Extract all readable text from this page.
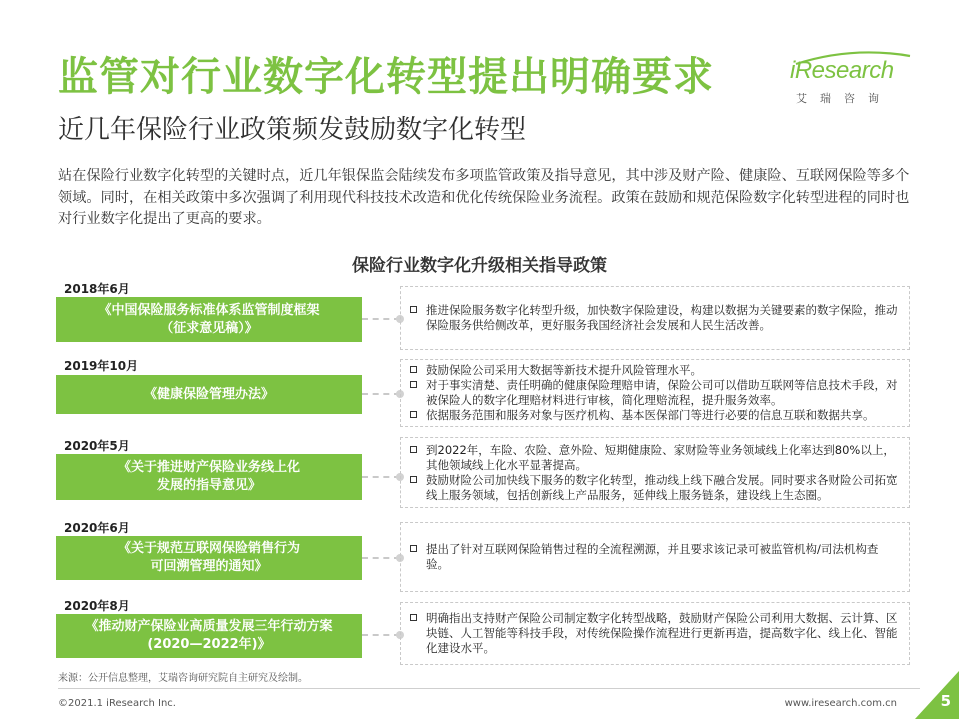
监管对行业数字化转型提出明确要求
近几年保险行业政策频发鼓励数字化转型
iResearch
艾瑞咨询
站在保险行业数字化转型的关键时点，近几年银保监会陆续发布多项监管政策及指导意见，其中涉及财产险、健康险、互联网保险等多个领域。同时，在相关政策中多次强调了利用现代科技技术改造和优化传统保险业务流程。政策在鼓励和规范保险数字化转型进程的同时也对行业数字化提出了更高的要求。
保险行业数字化升级相关指导政策
2018年6月
《中国保险服务标准体系监管制度框架
（征求意见稿）》
推进保险服务数字化转型升级，加快数字保险建设，构建以数据为关键要素的数字保险，推动保险服务供给侧改革，更好服务我国经济社会发展和人民生活改善。
2019年10月
《健康保险管理办法》
鼓励保险公司采用大数据等新技术提升风险管理水平。
对于事实清楚、责任明确的健康保险理赔申请，保险公司可以借助互联网等信息技术手段，对被保险人的数字化理赔材料进行审核，简化理赔流程，提升服务效率。
依据服务范围和服务对象与医疗机构、基本医保部门等进行必要的信息互联和数据共享。
2020年5月
《关于推进财产保险业务线上化
发展的指导意见》
到2022年，车险、农险、意外险、短期健康险、家财险等业务领域线上化率达到80%以上，其他领域线上化水平显著提高。
鼓励财险公司加快线下服务的数字化转型，推动线上线下融合发展。同时要求各财险公司拓宽线上服务领域，包括创新线上产品服务，延伸线上服务链条，建设线上生态圈。
2020年6月
《关于规范互联网保险销售行为
可回溯管理的通知》
提出了针对互联网保险销售过程的全流程溯源，并且要求该记录可被监管机构/司法机构查验。
2020年8月
《推动财产保险业高质量发展三年行动方案
(2020—2022年)》
明确指出支持财产保险公司制定数字化转型战略，鼓励财产保险公司利用大数据、云计算、区块链、人工智能等科技手段，对传统保险操作流程进行更新再造，提高数字化、线上化、智能化建设水平。
来源：公开信息整理，艾瑞咨询研究院自主研究及绘制。
©2021.1 iResearch Inc.	www.iresearch.com.cn	5
